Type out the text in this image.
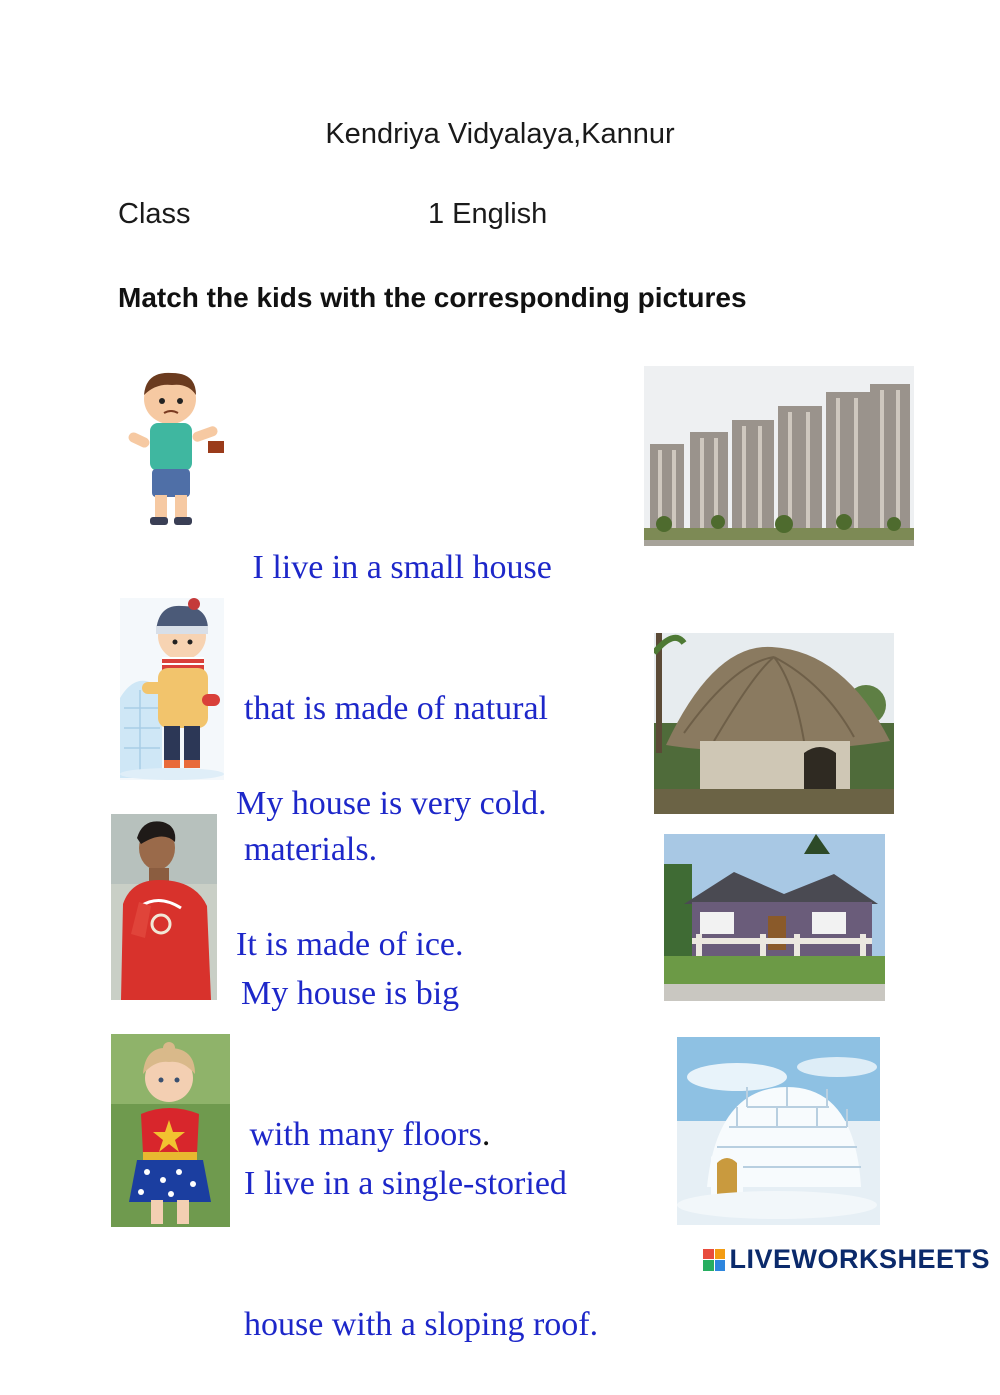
Kendriya Vidyalaya,Kannur
Class	1 English
Match the kids with the corresponding pictures

I live in a small house

that is made of natural

materials.

My house is very cold.

It is made of ice.

My house is big

with many floors.

I live in a single-storied

house with a sloping roof.

LIVEWORKSHEETS
